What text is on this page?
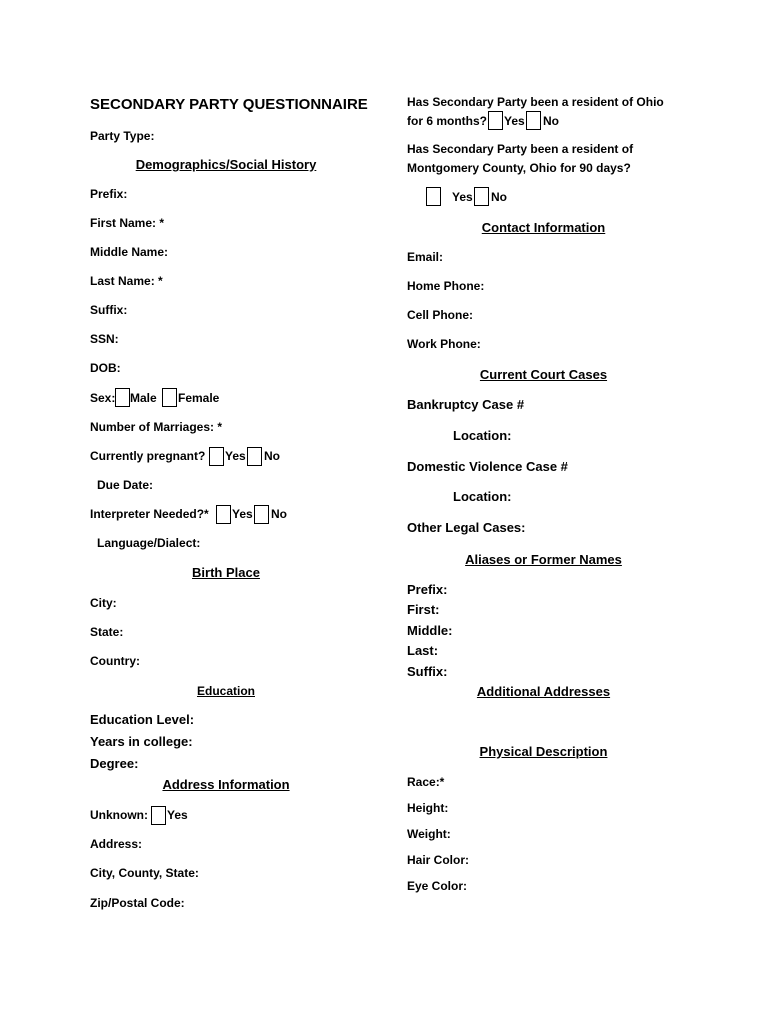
SECONDARY PARTY QUESTIONNAIRE
Party Type:
Demographics/Social History
Prefix:
First Name: *
Middle Name:
Last Name: *
Suffix:
SSN:
DOB:
Sex: Male Female
Number of Marriages: *
Currently pregnant? Yes No
Due Date:
Interpreter Needed?* Yes No
Language/Dialect:
Birth Place
City:
State:
Country:
Education
Education Level:
Years in college:
Degree:
Address Information
Unknown: Yes
Address:
City, County, State:
Zip/Postal Code:
Has Secondary Party been a resident of Ohio
for 6 months? Yes No
Has Secondary Party been a resident of
Montgomery County, Ohio for 90 days?
Yes No
Contact Information
Email:
Home Phone:
Cell Phone:
Work Phone:
Current Court Cases
Bankruptcy Case #
Location:
Domestic Violence Case #
Location:
Other Legal Cases:
Aliases or Former Names
Prefix:
First:
Middle:
Last:
Suffix:
Additional Addresses
Physical Description
Race:*
Height:
Weight:
Hair Color:
Eye Color:
